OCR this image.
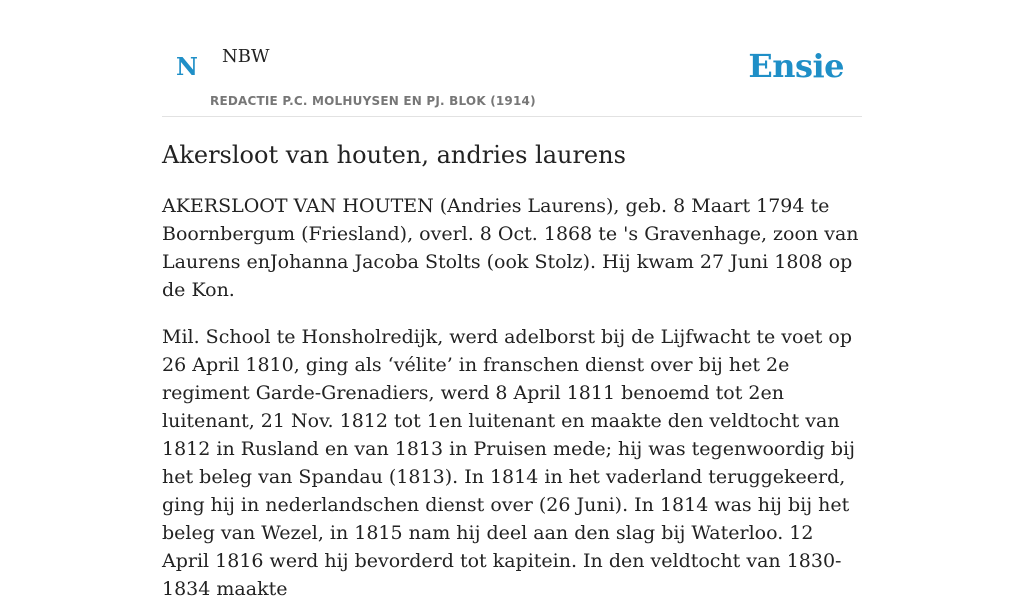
N NBW
REDACTIE P.C. MOLHUYSEN EN PJ. BLOK (1914)
Ensie
Akersloot van houten, andries laurens

AKERSLOOT VAN HOUTEN (Andries Laurens), geb. 8 Maart 1794 te Boornbergum (Friesland), overl. 8 Oct. 1868 te 's Gravenhage, zoon van Laurens enJohanna Jacoba Stolts (ook Stolz). Hij kwam 27 Juni 1808 op de Kon.

Mil. School te Honsholredijk, werd adelborst bij de Lijfwacht te voet op 26 April 1810, ging als ‘vélite’ in franschen dienst over bij het 2e regiment Garde-Grenadiers, werd 8 April 1811 benoemd tot 2en luitenant, 21 Nov. 1812 tot 1en luitenant en maakte den veldtocht van 1812 in Rusland en van 1813 in Pruisen mede; hij was tegenwoordig bij het beleg van Spandau (1813). In 1814 in het vaderland teruggekeerd, ging hij in nederlandschen dienst over (26 Juni). In 1814 was hij bij het beleg van Wezel, in 1815 nam hij deel aan den slag bij Waterloo. 12 April 1816 werd hij bevorderd tot kapitein. In den veldtocht van 1830-1834 maakte
